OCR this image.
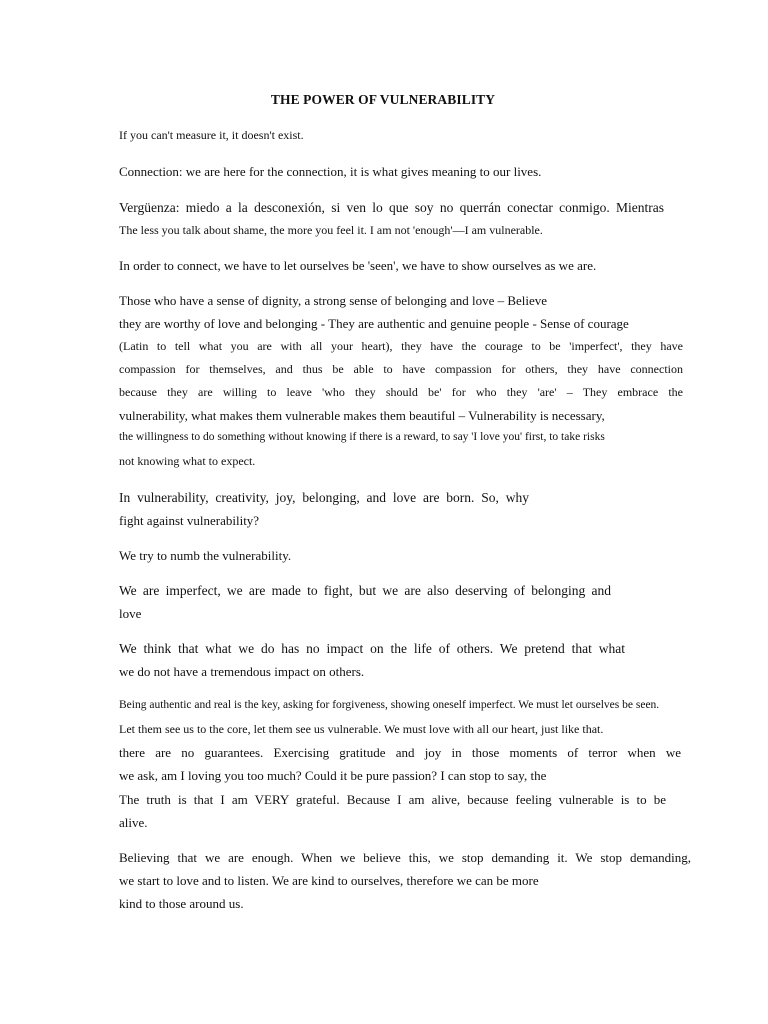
THE POWER OF VULNERABILITY

If you can't measure it, it doesn't exist.

Connection: we are here for the connection, it is what gives meaning to our lives.

Vergüenza: miedo a la desconexión, si ven lo que soy no querrán conectar conmigo. Mientras

The less you talk about shame, the more you feel it. I am not 'enough'—I am vulnerable.

In order to connect, we have to let ourselves be 'seen', we have to show ourselves as we are.

Those who have a sense of dignity, a strong sense of belonging and love – Believe

they are worthy of love and belonging - They are authentic and genuine people - Sense of courage

(Latin to tell what you are with all your heart), they have the courage to be 'imperfect', they have

compassion for themselves, and thus be able to have compassion for others, they have connection

because they are willing to leave 'who they should be' for who they 'are' – They embrace the

vulnerability, what makes them vulnerable makes them beautiful – Vulnerability is necessary,

the willingness to do something without knowing if there is a reward, to say 'I love you' first, to take risks

not knowing what to expect.

In vulnerability, creativity, joy, belonging, and love are born. So, why

fight against vulnerability?

We try to numb the vulnerability.

We are imperfect, we are made to fight, but we are also deserving of belonging and

love

We think that what we do has no impact on the life of others. We pretend that what

we do not have a tremendous impact on others.

Being authentic and real is the key, asking for forgiveness, showing oneself imperfect. We must let ourselves be seen.

Let them see us to the core, let them see us vulnerable. We must love with all our heart, just like that.

there are no guarantees. Exercising gratitude and joy in those moments of terror when we

we ask, am I loving you too much? Could it be pure passion? I can stop to say, the

The truth is that I am VERY grateful. Because I am alive, because feeling vulnerable is to be

alive.

Believing that we are enough. When we believe this, we stop demanding it. We stop demanding,

we start to love and to listen. We are kind to ourselves, therefore we can be more

kind to those around us.
